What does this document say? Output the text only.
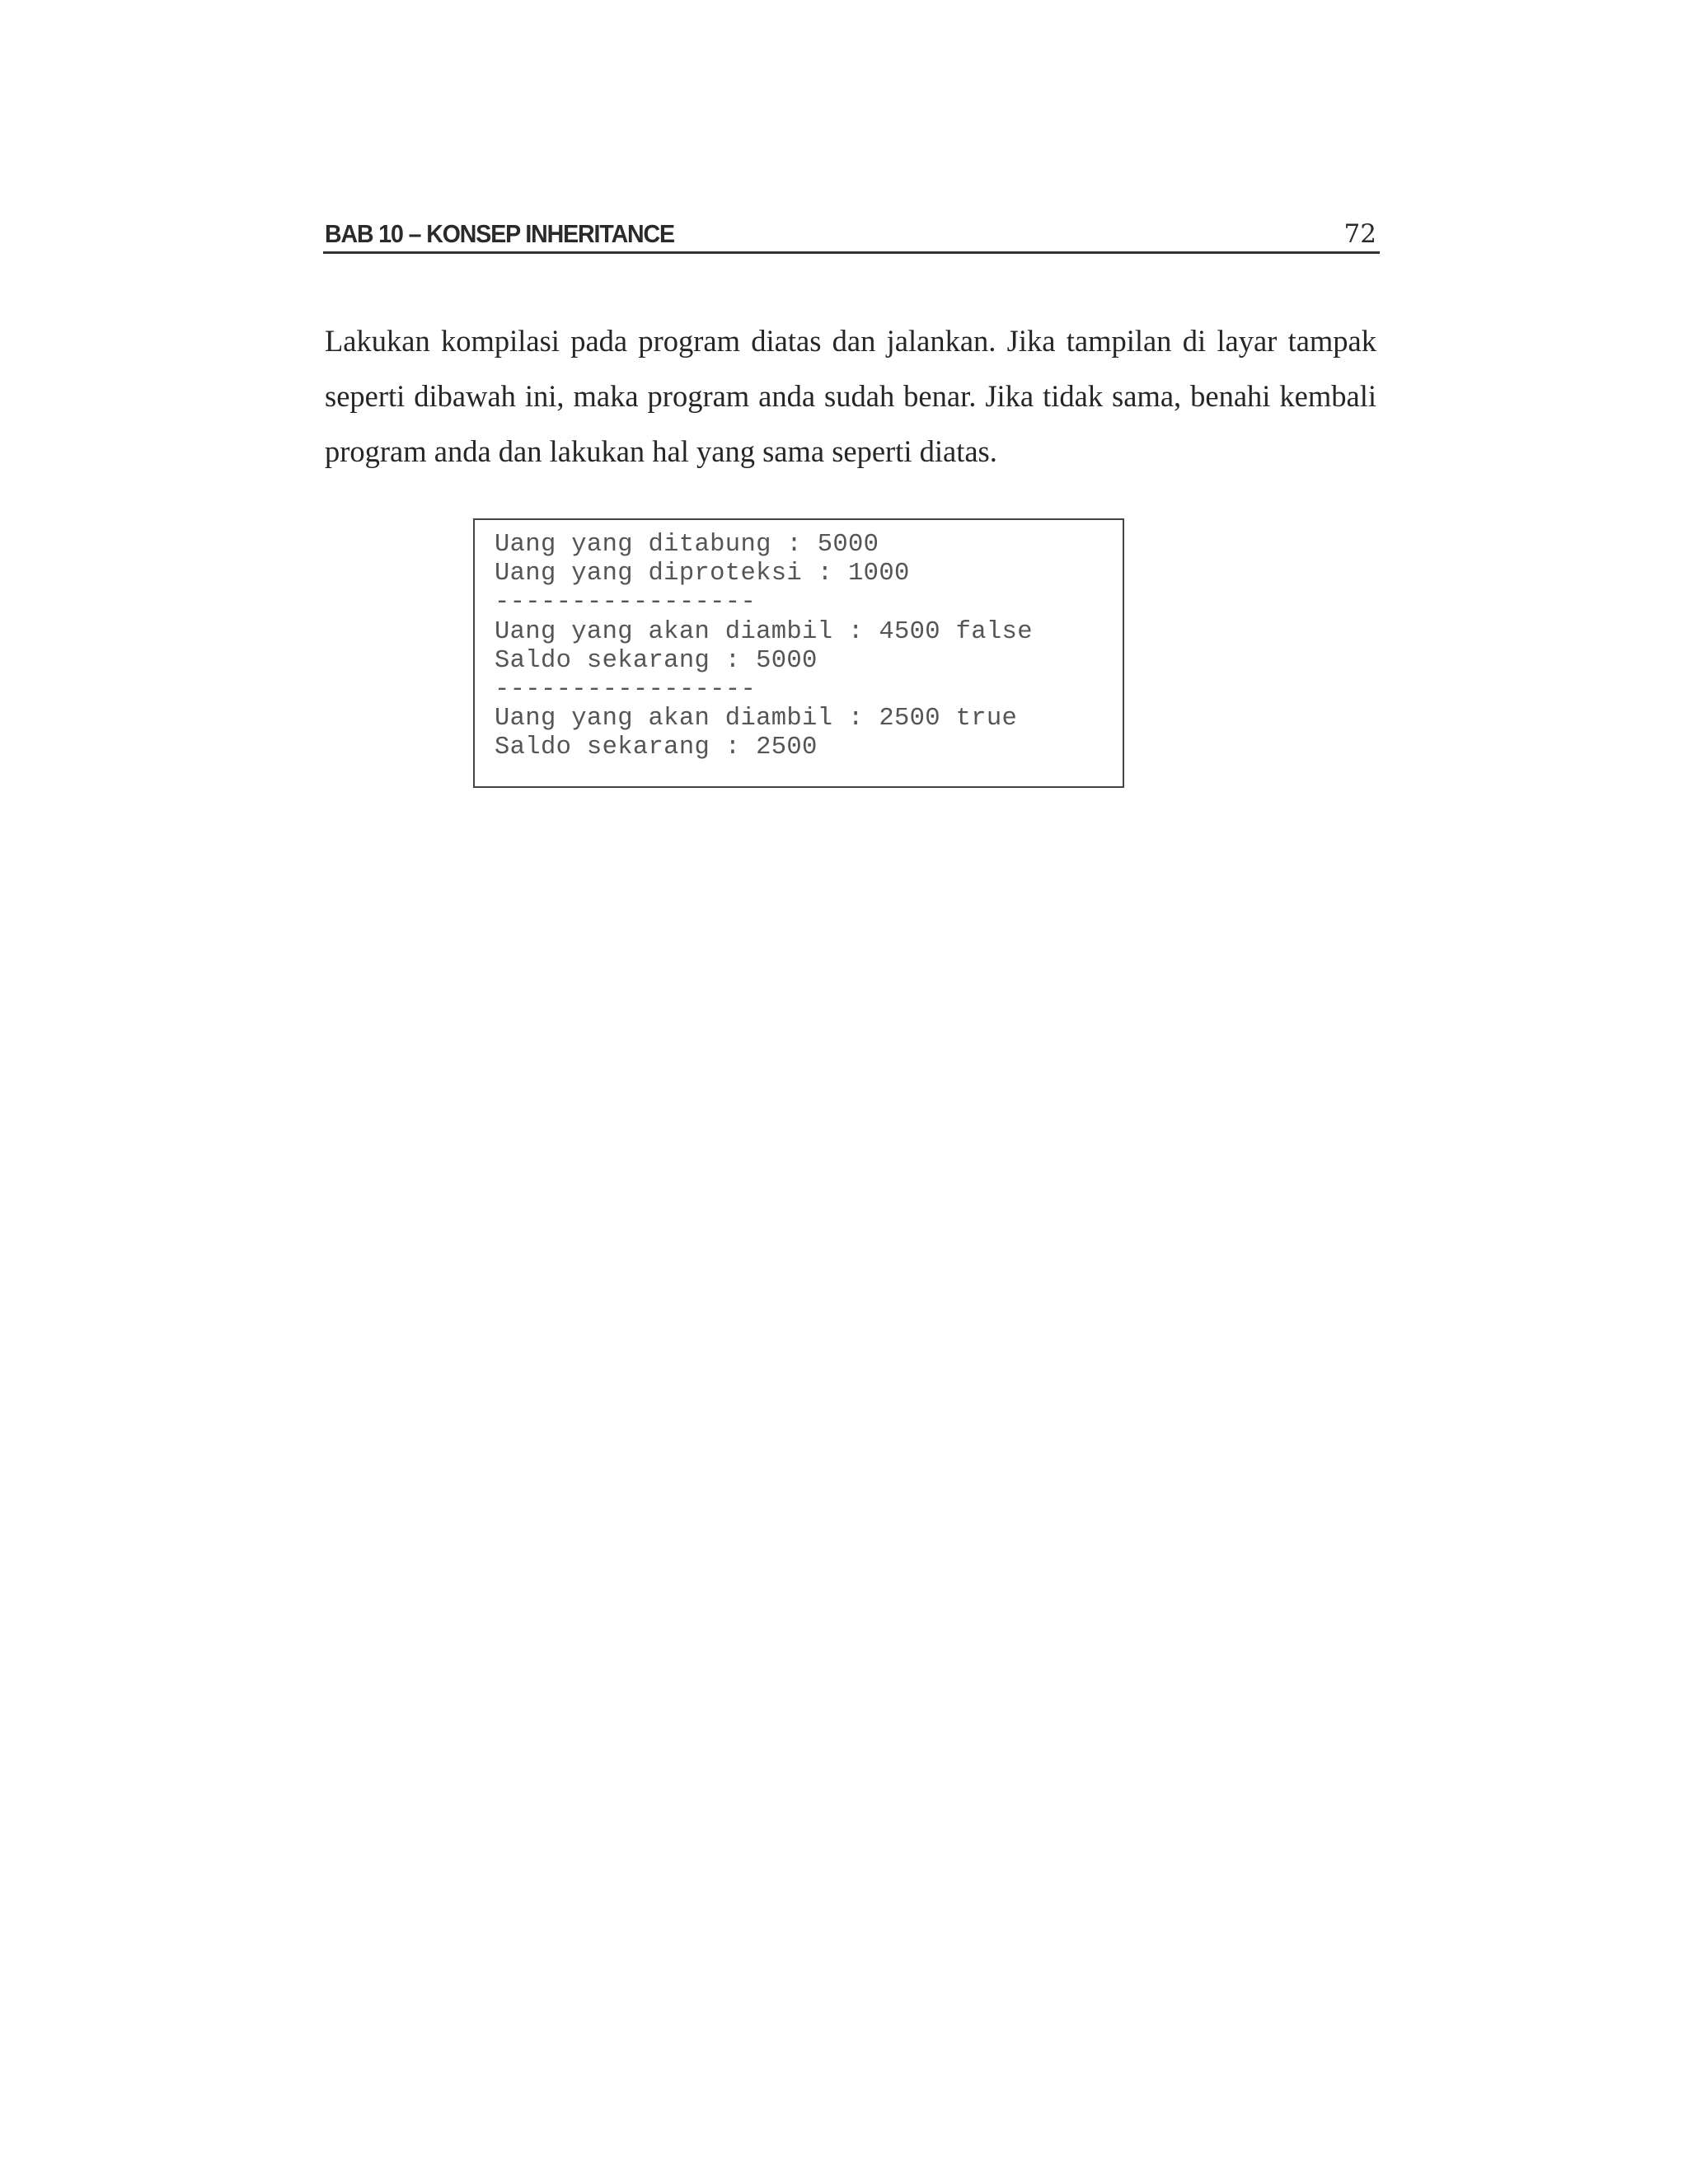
BAB 10 – KONSEP INHERITANCE	72

Lakukan kompilasi pada program diatas dan jalankan. Jika tampilan di layar tampak seperti dibawah ini, maka program anda sudah benar. Jika tidak sama, benahi kembali program anda dan lakukan hal yang sama seperti diatas.

Uang yang ditabung : 5000
Uang yang diproteksi : 1000
-----------------
Uang yang akan diambil : 4500 false
Saldo sekarang : 5000
-----------------
Uang yang akan diambil : 2500 true
Saldo sekarang : 2500
